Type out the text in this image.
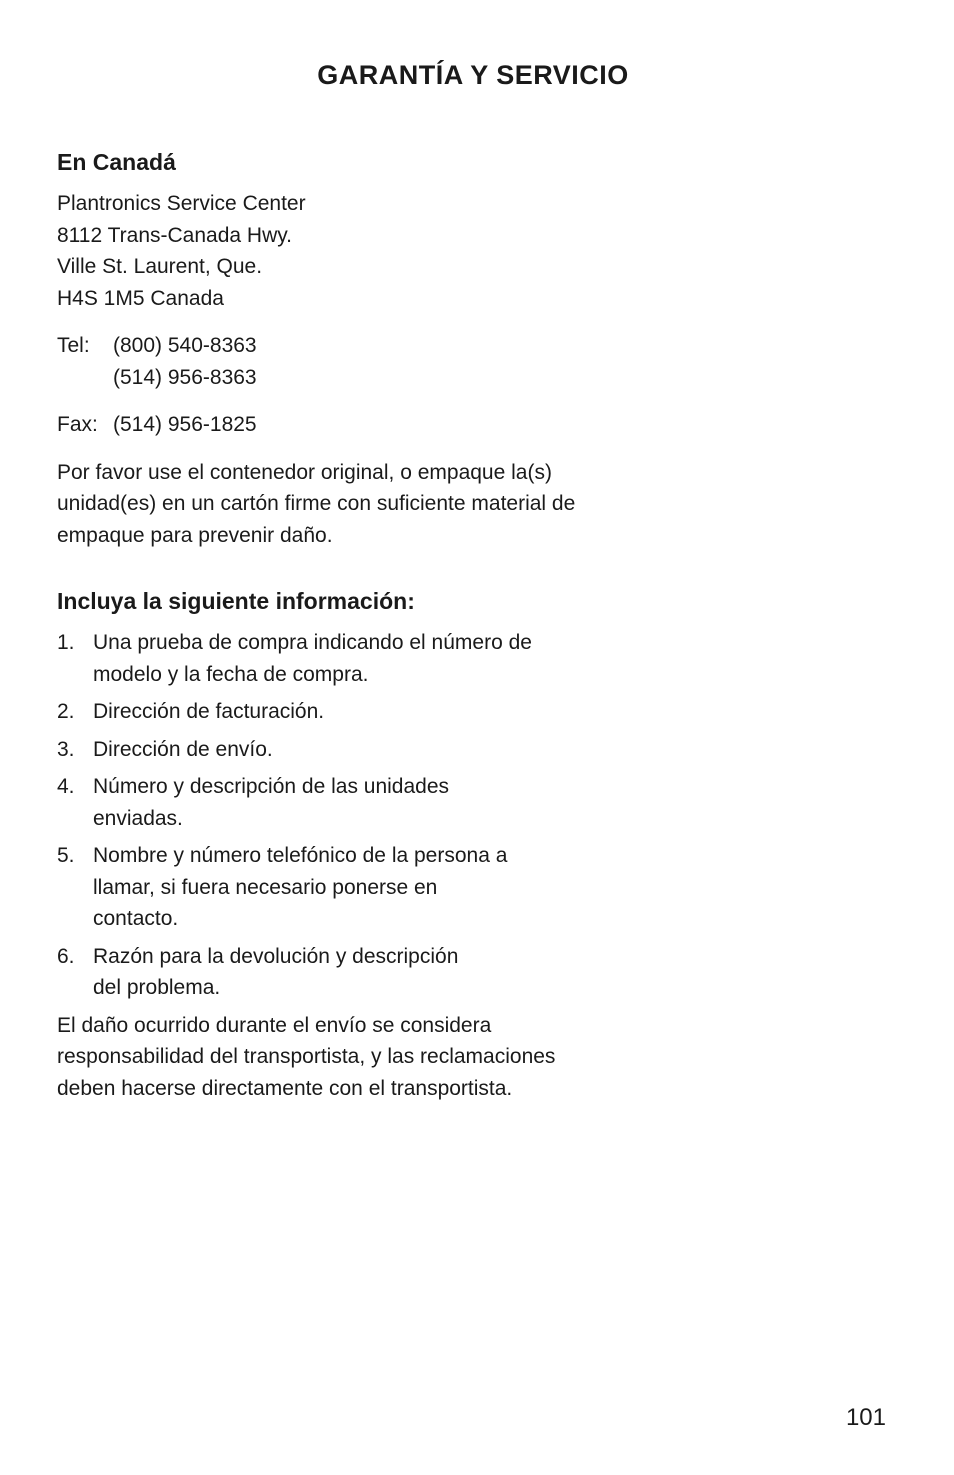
GARANTÍA Y SERVICIO
En Canadá

Plantronics Service Center

8112 Trans-Canada Hwy.

Ville St. Laurent, Que.

H4S 1M5 Canada

Tel:	(800) 540-8363
(514) 956-8363
Fax: (514) 956-1825

Por favor use el contenedor original, o empaque la(s) unidad(es) en un cartón firme con suficiente material de empaque para prevenir daño.

Incluya la siguiente información:
1. Una prueba de compra indicando el número de modelo y la fecha de compra.
2. Dirección de facturación.
3. Dirección de envío.
4. Número y descripción de las unidades enviadas.
5. Nombre y número telefónico de la persona a llamar, si fuera necesario ponerse en contacto.
6. Razón para la devolución y descripción del problema.

El daño ocurrido durante el envío se considera responsabilidad del transportista, y las reclamaciones deben hacerse directamente con el transportista.

101
